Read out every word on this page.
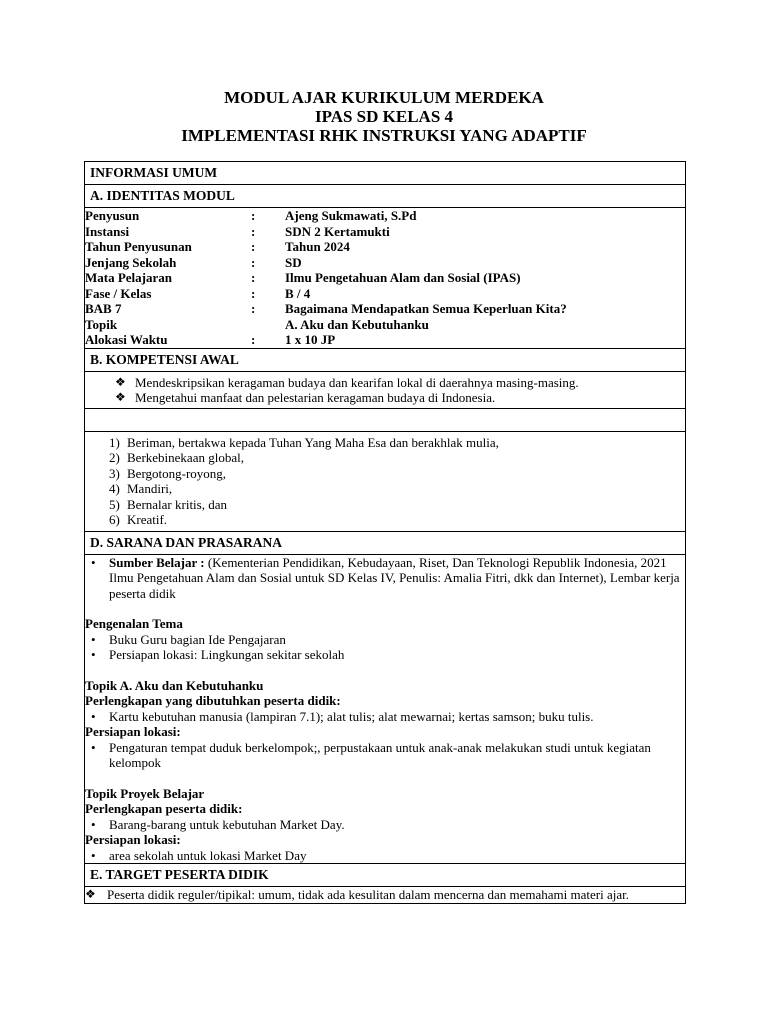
MODUL AJAR KURIKULUM MERDEKA
IPAS SD KELAS 4
IMPLEMENTASI RHK INSTRUKSI YANG ADAPTIF
INFORMASI UMUM
A. IDENTITAS MODUL

Penyusun	:	Ajeng Sukmawati, S.Pd
Instansi	:	SDN 2 Kertamukti
Tahun Penyusunan	:	Tahun 2024
Jenjang Sekolah	:	SD
Mata Pelajaran	:	Ilmu Pengetahuan Alam dan Sosial (IPAS)
Fase / Kelas	:	B / 4
BAB 7	:	Bagaimana Mendapatkan Semua Keperluan Kita?
Topik		A. Aku dan Kebutuhanku
Alokasi Waktu	:	1 x 10 JP

B. KOMPETENSI AWAL

❖ Mendeskripsikan keragaman budaya dan kearifan lokal di daerahnya masing-masing.
❖ Mengetahui manfaat dan pelestarian keragaman budaya di Indonesia.

1) Beriman, bertakwa kepada Tuhan Yang Maha Esa dan berakhlak mulia,
2) Berkebinekaan global,
3) Bergotong-royong,
4) Mandiri,
5) Bernalar kritis, dan
6) Kreatif.

D. SARANA DAN PRASARANA

• Sumber Belajar : (Kementerian Pendidikan, Kebudayaan, Riset, Dan Teknologi Republik Indonesia, 2021 Ilmu Pengetahuan Alam dan Sosial untuk SD Kelas IV, Penulis: Amalia Fitri, dkk dan Internet), Lembar kerja peserta didik
Pengenalan Tema
• Buku Guru bagian Ide Pengajaran
• Persiapan lokasi: Lingkungan sekitar sekolah
Topik A. Aku dan Kebutuhanku
Perlengkapan yang dibutuhkan peserta didik:
• Kartu kebutuhan manusia (lampiran 7.1); alat tulis; alat mewarnai; kertas samson; buku tulis.
Persiapan lokasi:
• Pengaturan tempat duduk berkelompok;, perpustakaan untuk anak-anak melakukan studi untuk kegiatan kelompok
Topik Proyek Belajar
Perlengkapan peserta didik:
• Barang-barang untuk kebutuhan Market Day.
Persiapan lokasi:
• area sekolah untuk lokasi Market Day

E. TARGET PESERTA DIDIK

❖ Peserta didik reguler/tipikal: umum, tidak ada kesulitan dalam mencerna dan memahami materi ajar.
